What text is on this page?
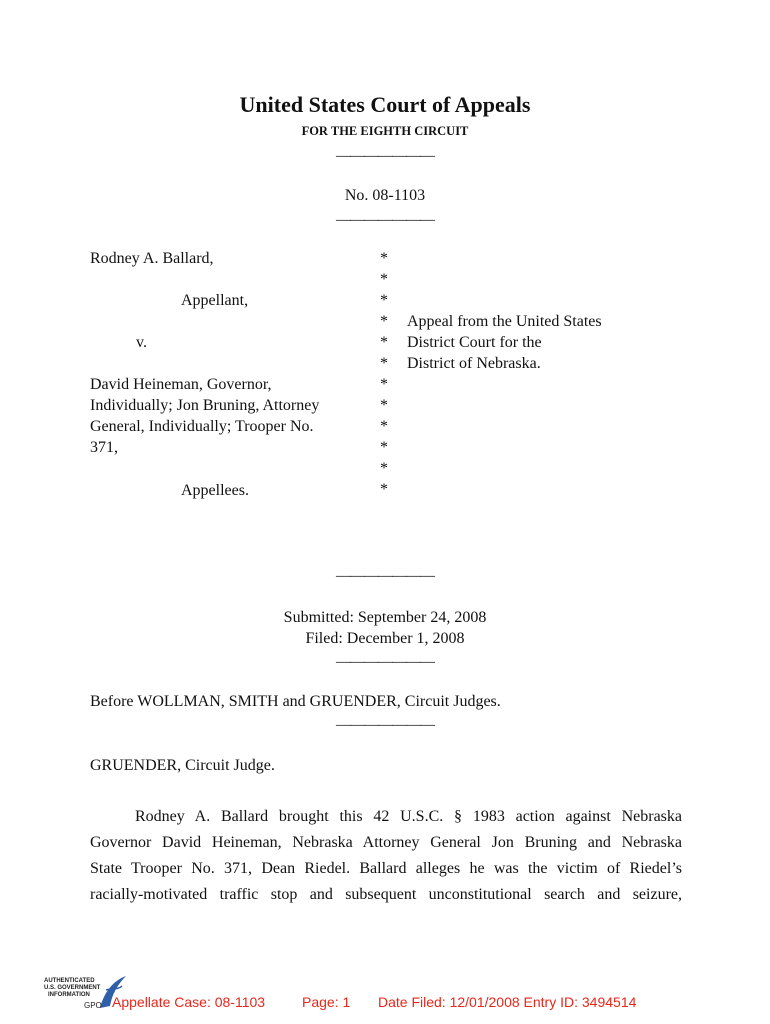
United States Court of Appeals
FOR THE EIGHTH CIRCUIT
———————
No. 08-1103
———————
Rodney A. Ballard,
Appellant,
v.
David Heineman, Governor,
Individually; Jon Bruning, Attorney
General, Individually; Trooper No.
371,
Appellees.
*
*
*
*
*
*
*
*
*
*
*
*
Appeal from the United States
District Court for the
District of Nebraska.
———————
Submitted: September 24, 2008
Filed: December 1, 2008
———————
Before WOLLMAN, SMITH and GRUENDER, Circuit Judges.
———————
GRUENDER, Circuit Judge.
Rodney A. Ballard brought this 42 U.S.C. § 1983 action against Nebraska
Governor David Heineman, Nebraska Attorney General Jon Bruning and Nebraska
State Trooper No. 371, Dean Riedel. Ballard alleges he was the victim of Riedel’s
racially-motivated traffic stop and subsequent unconstitutional search and seizure,
AUTHENTICATED
U.S. GOVERNMENT
INFORMATION
GPO Appellate Case: 08-1103	Page: 1 Date Filed: 12/01/2008 Entry ID: 3494514
